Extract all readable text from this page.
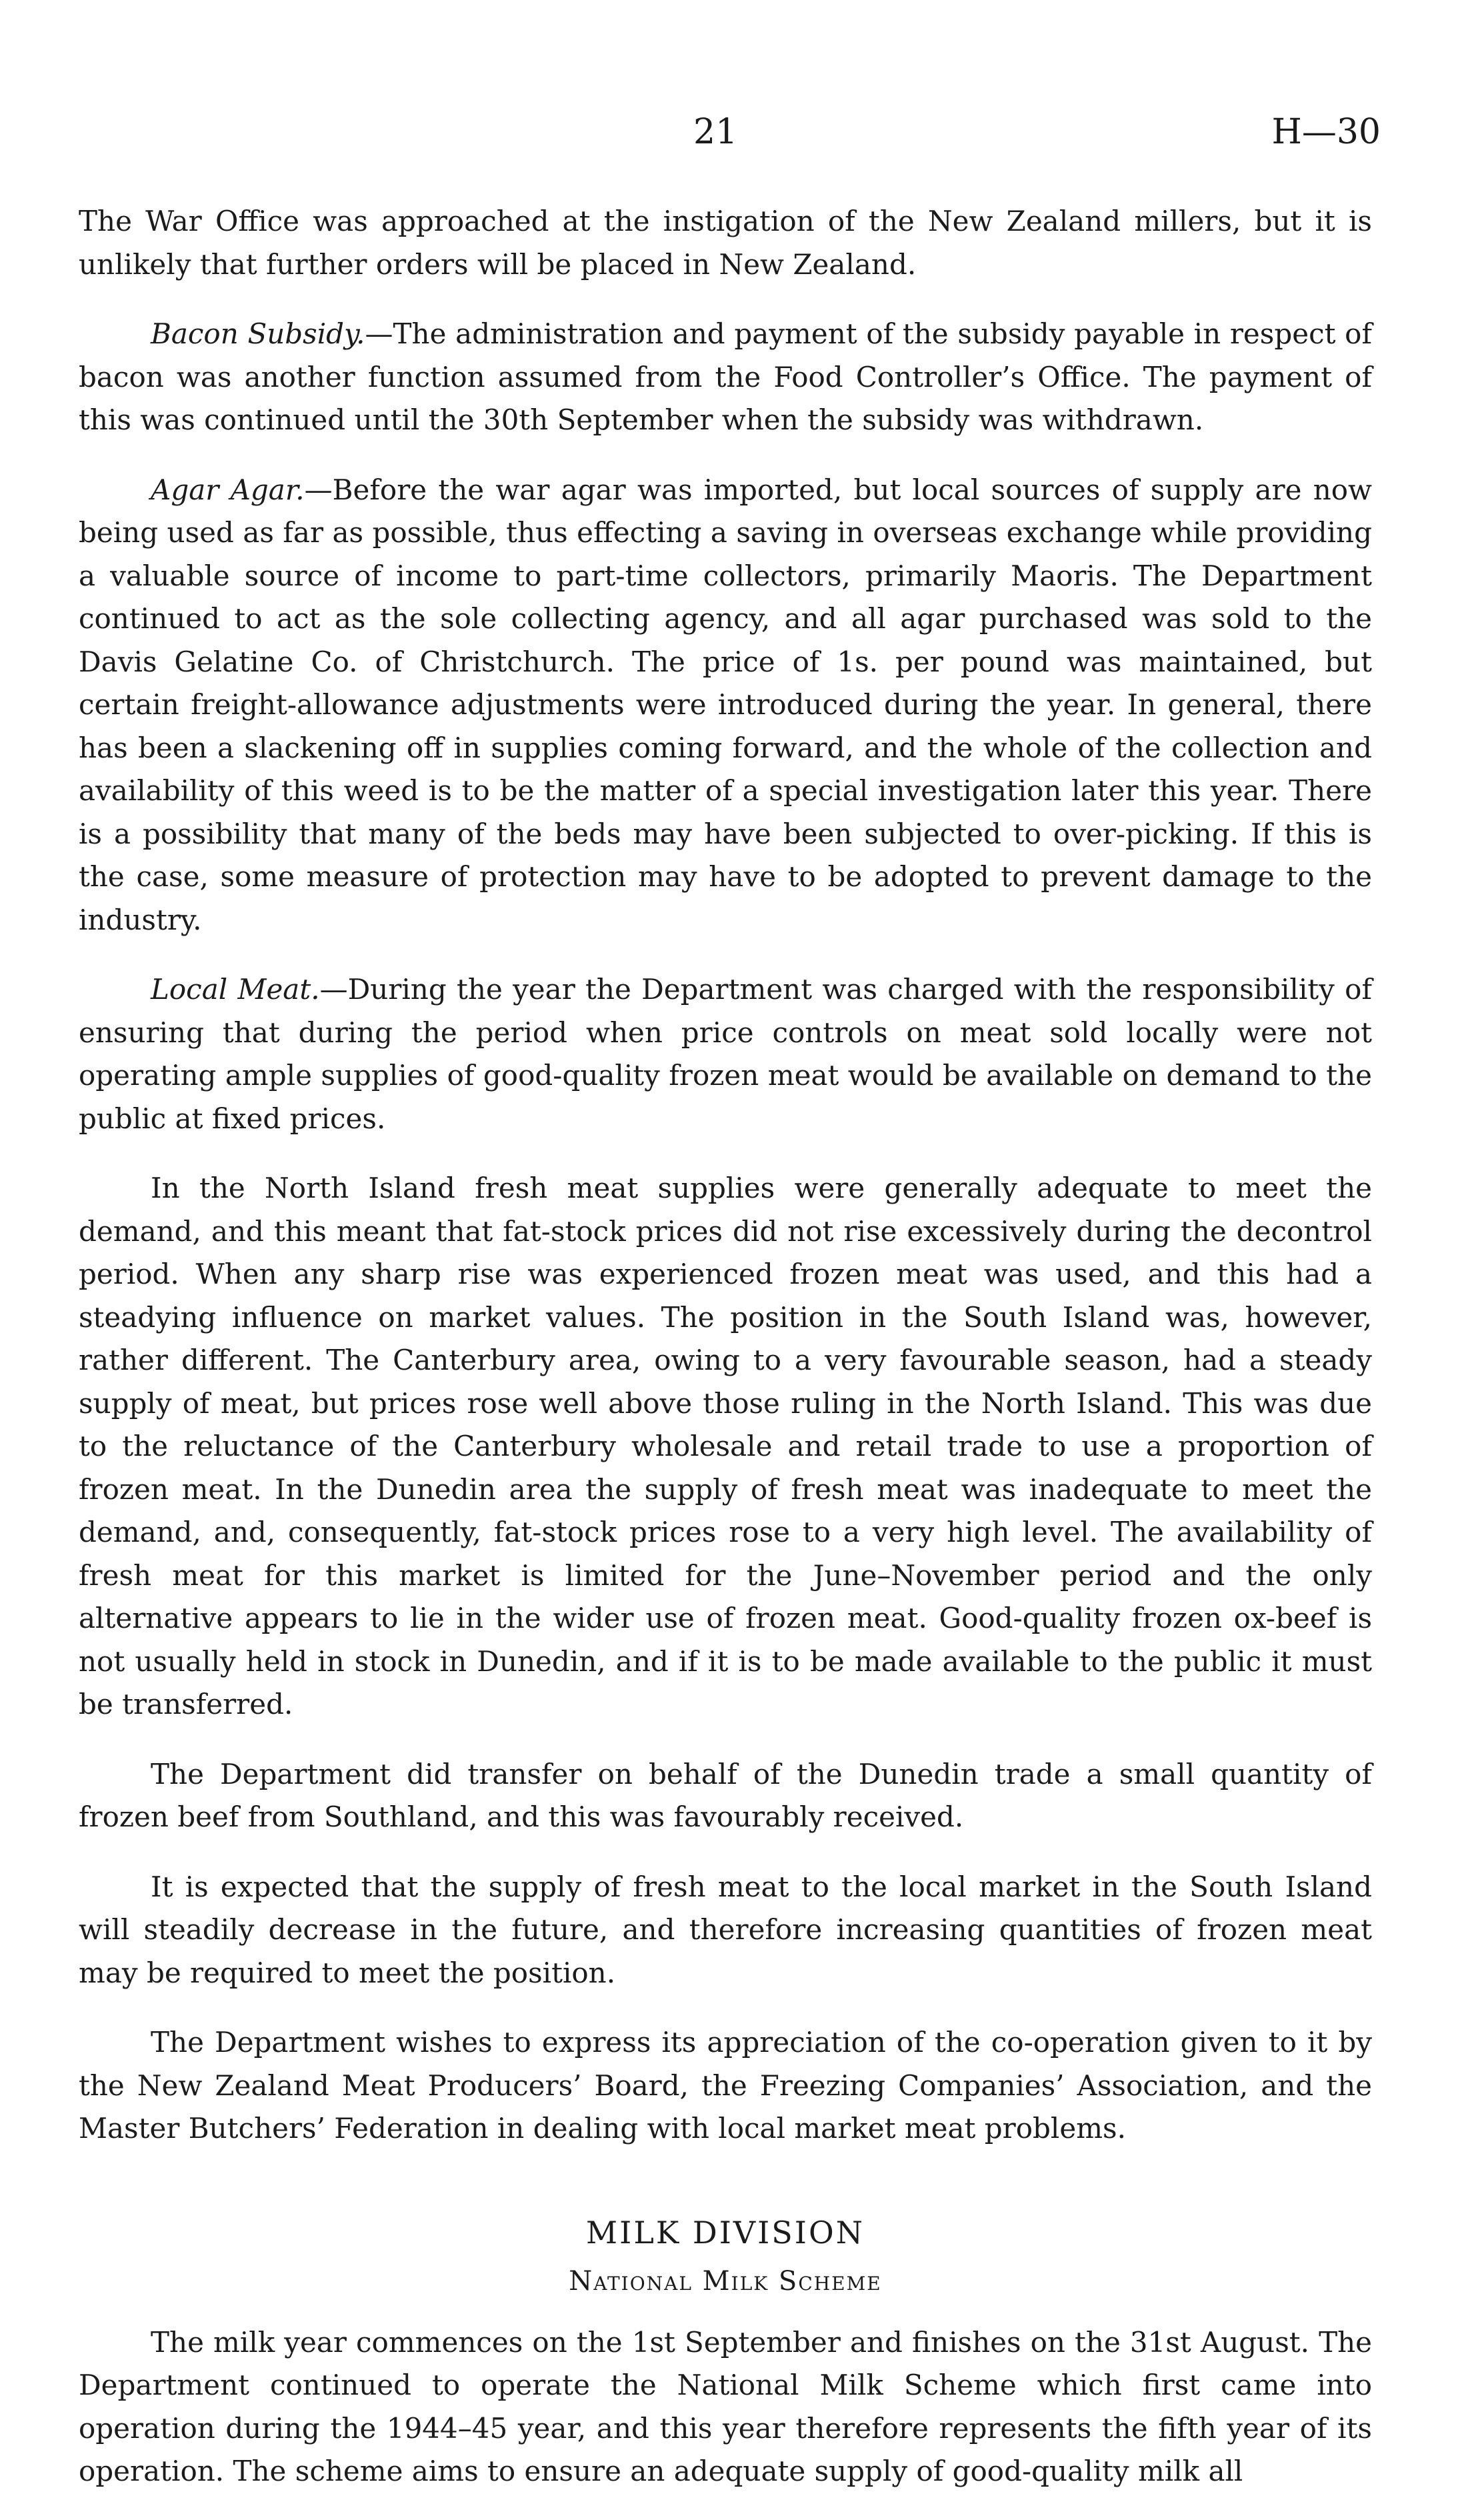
21	H—30

The War Office was approached at the instigation of the New Zealand millers, but it is unlikely that further orders will be placed in New Zealand.

Bacon Subsidy.—The administration and payment of the subsidy payable in respect of bacon was another function assumed from the Food Controller’s Office. The payment of this was continued until the 30th September when the subsidy was withdrawn.

Agar Agar.—Before the war agar was imported, but local sources of supply are now being used as far as possible, thus effecting a saving in overseas exchange while providing a valuable source of income to part-time collectors, primarily Maoris. The Department continued to act as the sole collecting agency, and all agar purchased was sold to the Davis Gelatine Co. of Christchurch. The price of 1s. per pound was maintained, but certain freight-allowance adjustments were introduced during the year. In general, there has been a slackening off in supplies coming forward, and the whole of the collection and availability of this weed is to be the matter of a special investigation later this year. There is a possibility that many of the beds may have been subjected to over-picking. If this is the case, some measure of protection may have to be adopted to prevent damage to the industry.

Local Meat.—During the year the Department was charged with the responsibility of ensuring that during the period when price controls on meat sold locally were not operating ample supplies of good-quality frozen meat would be available on demand to the public at fixed prices.

In the North Island fresh meat supplies were generally adequate to meet the demand, and this meant that fat-stock prices did not rise excessively during the decontrol period. When any sharp rise was experienced frozen meat was used, and this had a steadying influence on market values. The position in the South Island was, however, rather different. The Canterbury area, owing to a very favourable season, had a steady supply of meat, but prices rose well above those ruling in the North Island. This was due to the reluctance of the Canterbury wholesale and retail trade to use a proportion of frozen meat. In the Dunedin area the supply of fresh meat was inadequate to meet the demand, and, consequently, fat-stock prices rose to a very high level. The availability of fresh meat for this market is limited for the June–November period and the only alternative appears to lie in the wider use of frozen meat. Good-quality frozen ox-beef is not usually held in stock in Dunedin, and if it is to be made available to the public it must be transferred.

The Department did transfer on behalf of the Dunedin trade a small quantity of frozen beef from Southland, and this was favourably received.

It is expected that the supply of fresh meat to the local market in the South Island will steadily decrease in the future, and therefore increasing quantities of frozen meat may be required to meet the position.

The Department wishes to express its appreciation of the co-operation given to it by the New Zealand Meat Producers’ Board, the Freezing Companies’ Association, and the Master Butchers’ Federation in dealing with local market meat problems.

MILK DIVISION
National Milk Scheme

The milk year commences on the 1st September and finishes on the 31st August. The Department continued to operate the National Milk Scheme which first came into operation during the 1944–45 year, and this year therefore represents the fifth year of its operation. The scheme aims to ensure an adequate supply of good-quality milk all
